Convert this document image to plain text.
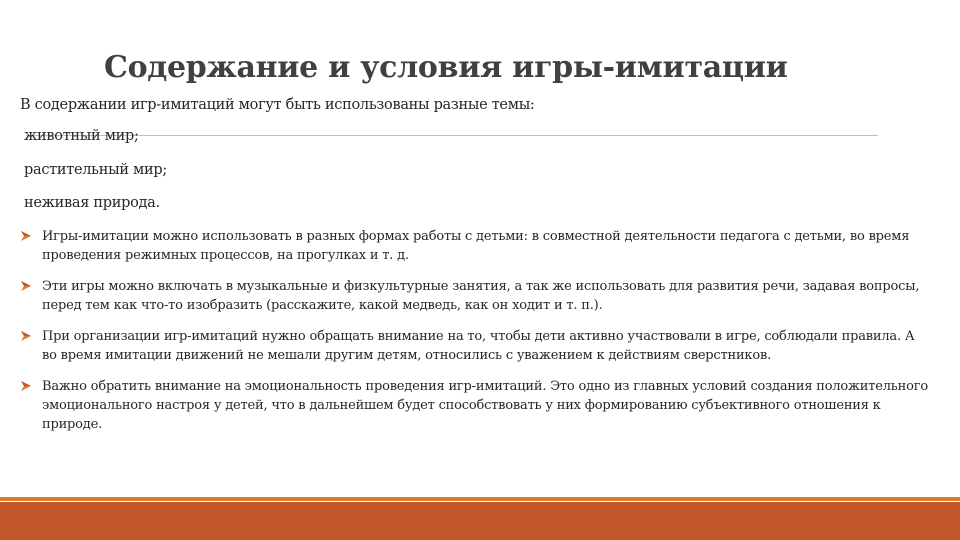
Содержание и условия игры-имитации
В содержании игр-имитаций могут быть использованы разные темы:
животный мир;
растительный мир;
неживая природа.
Игры-имитации можно использовать в разных формах работы с детьми: в совместной деятельности педагога с детьми, во время проведения режимных процессов, на прогулках и т. д.
Эти игры можно включать в музыкальные и физкультурные занятия, а так же использовать для развития речи, задавая вопросы, перед тем как что-то изобразить (расскажите, какой медведь, как он ходит и т. п.).
При организации игр-имитаций нужно обращать внимание на то, чтобы дети активно участвовали в игре, соблюдали правила. А во время имитации движений не мешали другим детям, относились с уважением к действиям сверстников.
Важно обратить внимание на эмоциональность проведения игр-имитаций. Это одно из главных условий создания положительного эмоционального настроя у детей, что в дальнейшем будет способствовать у них формированию субъективного отношения к природе.
